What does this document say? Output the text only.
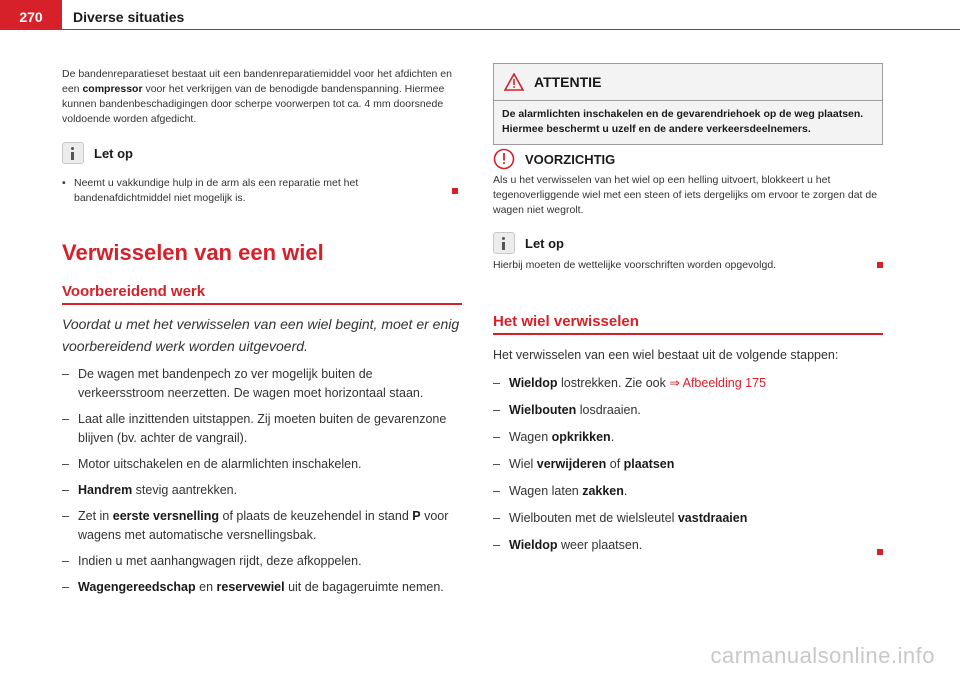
270	Diverse situaties
De bandenreparatieset bestaat uit een bandenreparatiemiddel voor het afdichten en een compressor voor het verkrijgen van de benodigde bandenspanning. Hiermee kunnen bandenbeschadigingen door scherpe voorwerpen tot ca. 4 mm doorsnede voldoende worden afgedicht.
Let op
• Neemt u vakkundige hulp in de arm als een reparatie met het bandenafdichtmiddel niet mogelijk is.
Verwisselen van een wiel
Voorbereidend werk
Voordat u met het verwisselen van een wiel begint, moet er enig voorbereidend werk worden uitgevoerd.
– De wagen met bandenpech zo ver mogelijk buiten de verkeersstroom neerzetten. De wagen moet horizontaal staan.
– Laat alle inzittenden uitstappen. Zij moeten buiten de gevarenzone blijven (bv. achter de vangrail).
– Motor uitschakelen en de alarmlichten inschakelen.
– Handrem stevig aantrekken.
– Zet in eerste versnelling of plaats de keuzehendel in stand P voor wagens met automatische versnellingsbak.
– Indien u met aanhangwagen rijdt, deze afkoppelen.
– Wagengereedschap en reservewiel uit de bagageruimte nemen.
ATTENTIE
De alarmlichten inschakelen en de gevarendriehoek op de weg plaatsen. Hiermee beschermt u uzelf en de andere verkeersdeelnemers.
VOORZICHTIG
Als u het verwisselen van het wiel op een helling uitvoert, blokkeert u het tegenoverliggende wiel met een steen of iets dergelijks om ervoor te zorgen dat de wagen niet wegrolt.
Let op
Hierbij moeten de wettelijke voorschriften worden opgevolgd.
Het wiel verwisselen
Het verwisselen van een wiel bestaat uit de volgende stappen:
– Wieldop lostrekken. Zie ook ⇒ Afbeelding 175
– Wielbouten losdraaien.
– Wagen opkrikken.
– Wiel verwijderen of plaatsen
– Wagen laten zakken.
– Wielbouten met de wielsleutel vastdraaien
– Wieldop weer plaatsen.
carmanualsonline.info
